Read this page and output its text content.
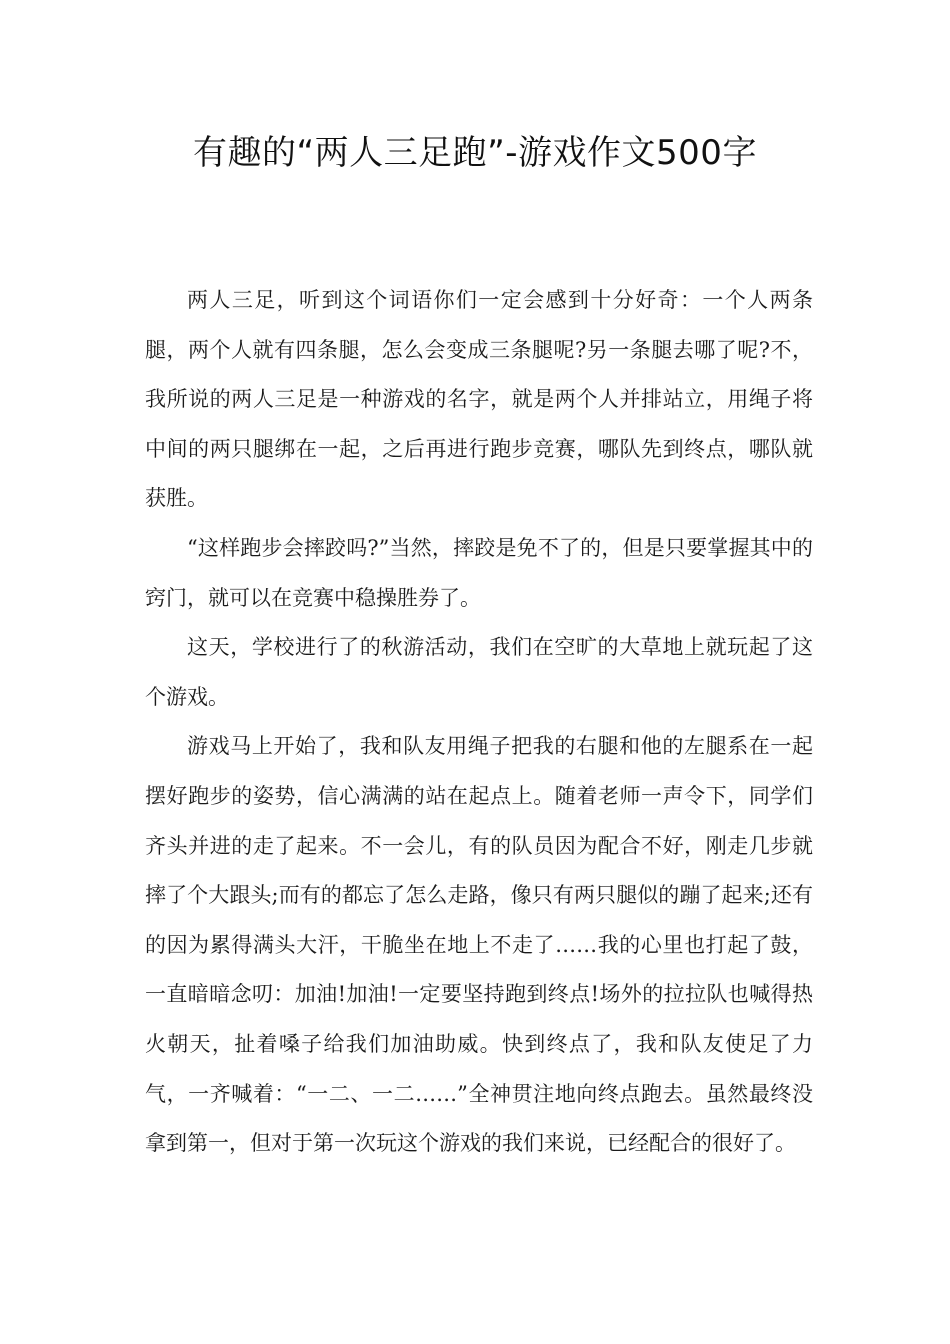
有趣的“两人三足跑”-游戏作文500字

两人三足，听到这个词语你们一定会感到十分好奇：一个人两条腿，两个人就有四条腿，怎么会变成三条腿呢?另一条腿去哪了呢?不，我所说的两人三足是一种游戏的名字，就是两个人并排站立，用绳子将中间的两只腿绑在一起，之后再进行跑步竞赛，哪队先到终点，哪队就获胜。

“这样跑步会摔跤吗?”当然，摔跤是免不了的，但是只要掌握其中的窍门，就可以在竞赛中稳操胜券了。

这天，学校进行了的秋游活动，我们在空旷的大草地上就玩起了这个游戏。

游戏马上开始了，我和队友用绳子把我的右腿和他的左腿系在一起摆好跑步的姿势，信心满满的站在起点上。随着老师一声令下，同学们齐头并进的走了起来。不一会儿，有的队员因为配合不好，刚走几步就摔了个大跟头;而有的都忘了怎么走路，像只有两只腿似的蹦了起来;还有的因为累得满头大汗，干脆坐在地上不走了……我的心里也打起了鼓，一直暗暗念叨：加油!加油!一定要坚持跑到终点!场外的拉拉队也喊得热火朝天，扯着嗓子给我们加油助威。快到终点了，我和队友使足了力气，一齐喊着：“一二、一二……”全神贯注地向终点跑去。虽然最终没拿到第一，但对于第一次玩这个游戏的我们来说，已经配合的很好了。
